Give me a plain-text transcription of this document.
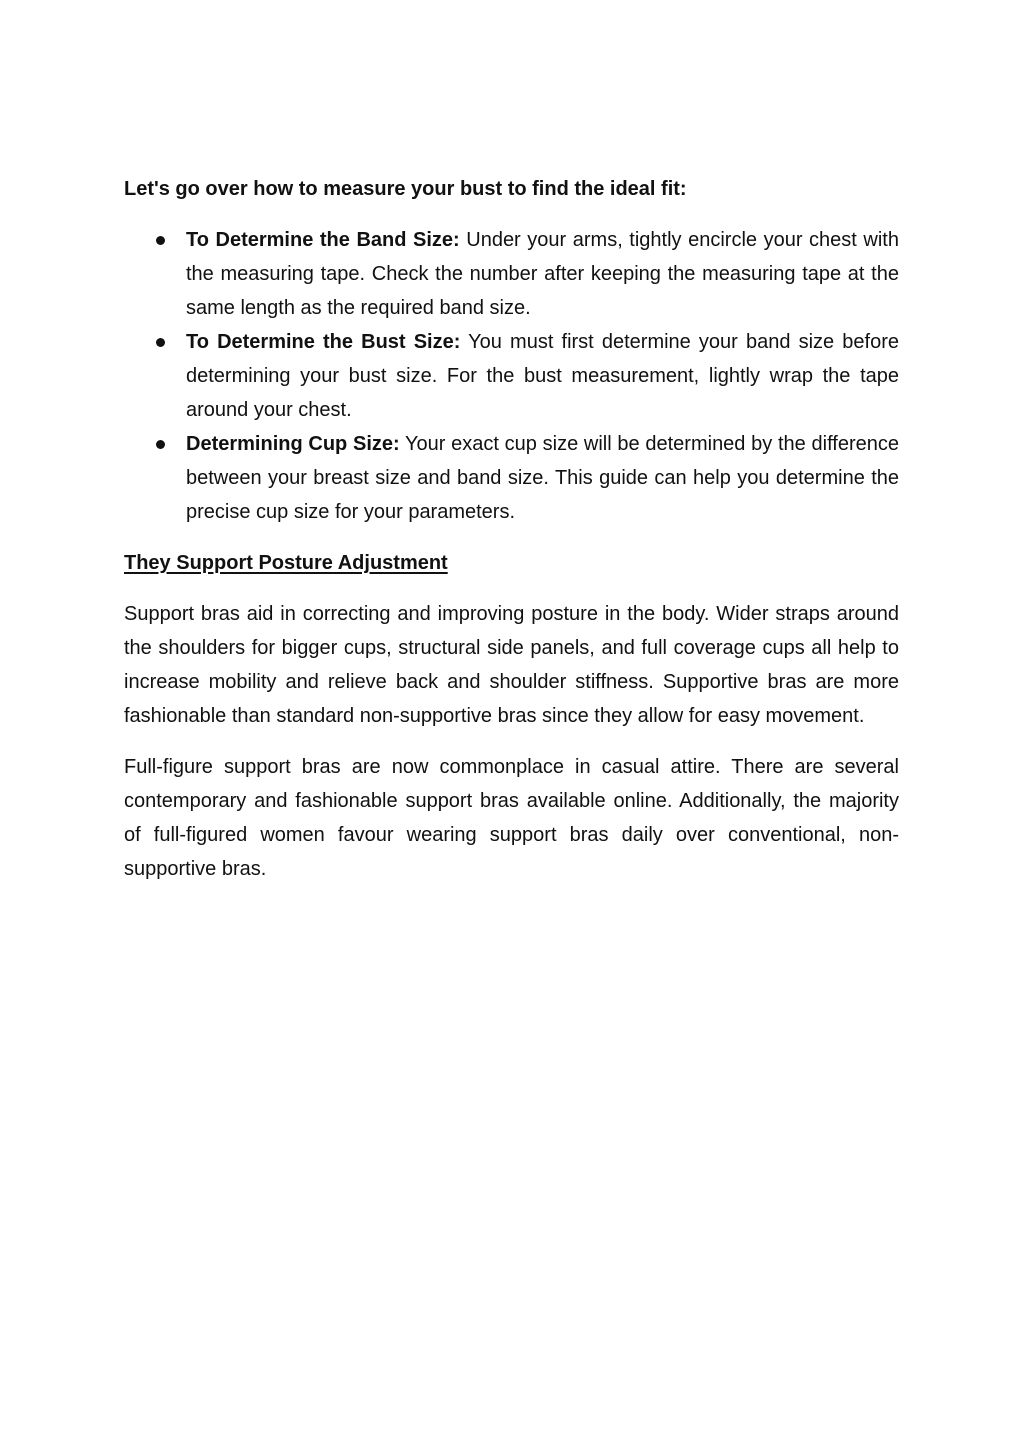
Let's go over how to measure your bust to find the ideal fit:

To Determine the Band Size: Under your arms, tightly encircle your chest with the measuring tape. Check the number after keeping the measuring tape at the same length as the required band size.
To Determine the Bust Size: You must first determine your band size before determining your bust size. For the bust measurement, lightly wrap the tape around your chest.
Determining Cup Size: Your exact cup size will be determined by the difference between your breast size and band size. This guide can help you determine the precise cup size for your parameters.

They Support Posture Adjustment

Support bras aid in correcting and improving posture in the body. Wider straps around the shoulders for bigger cups, structural side panels, and full coverage cups all help to increase mobility and relieve back and shoulder stiffness. Supportive bras are more fashionable than standard non-supportive bras since they allow for easy movement.

Full-figure support bras are now commonplace in casual attire. There are several contemporary and fashionable support bras available online. Additionally, the majority of full-figured women favour wearing support bras daily over conventional, non-supportive bras.
